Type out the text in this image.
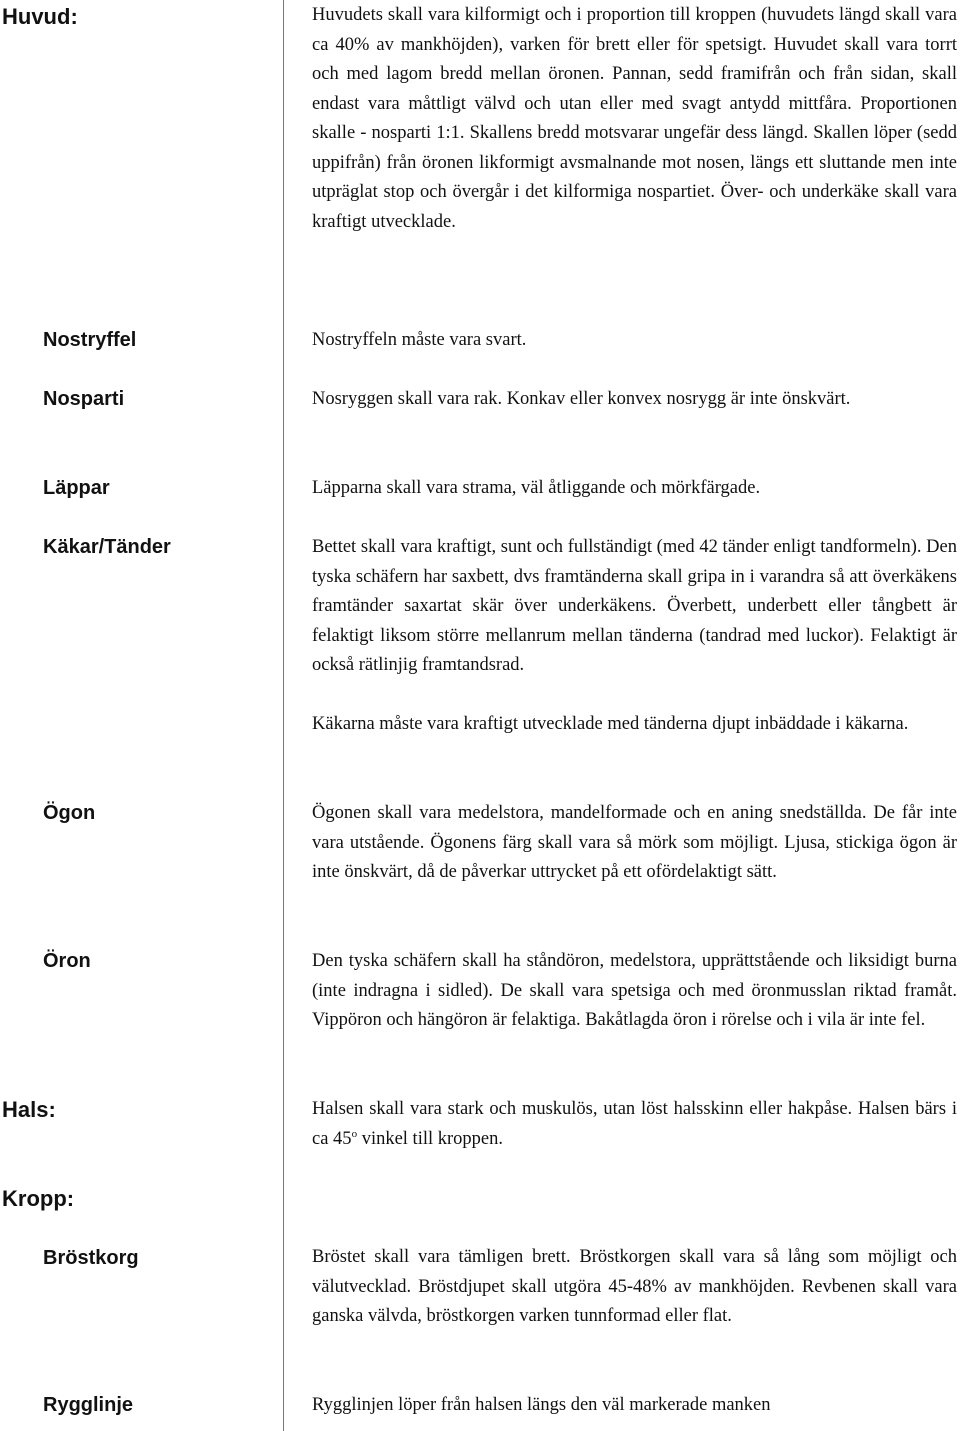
Huvud:
Nostryffel
Nosparti
Läppar
Käkar/Tänder
Ögon
Öron
Hals:
Kropp:
Bröstkorg
Rygglinje

Huvudets skall vara kilformigt och i proportion till kroppen (huvudets längd skall vara ca 40% av mankhöjden), varken för brett eller för spetsigt. Huvudet skall vara torrt och med lagom bredd mellan öronen. Pannan, sedd framifrån och från sidan, skall endast vara måttligt välvd och utan eller med svagt antydd mittfåra. Proportionen skalle - nosparti 1:1. Skallens bredd motsvarar ungefär dess längd. Skallen löper (sedd uppifrån) från öronen likformigt avsmalnande mot nosen, längs ett sluttande men inte utpräglat stop och övergår i det kilformiga nospartiet. Över- och underkäke skall vara kraftigt utvecklade.

Nostryffeln måste vara svart.

Nosryggen skall vara rak. Konkav eller konvex nosrygg är inte önskvärt.

Läpparna skall vara strama, väl åtliggande och mörkfärgade.

Bettet skall vara kraftigt, sunt och fullständigt (med 42 tänder enligt tandformeln). Den tyska schäfern har saxbett, dvs framtänderna skall gripa in i varandra så att överkäkens framtänder saxartat skär över underkäkens. Överbett, underbett eller tångbett är felaktigt liksom större mellanrum mellan tänderna (tandrad med luckor). Felaktigt är också rätlinjig framtandsrad.

Käkarna måste vara kraftigt utvecklade med tänderna djupt inbäddade i käkarna.

Ögonen skall vara medelstora, mandelformade och en aning snedställda. De får inte vara utstående. Ögonens färg skall vara så mörk som möjligt. Ljusa, stickiga ögon är inte önskvärt, då de påverkar uttrycket på ett ofördelaktigt sätt.

Den tyska schäfern skall ha ståndöron, medelstora, upprättstående och liksidigt burna (inte indragna i sidled). De skall vara spetsiga och med öronmusslan riktad framåt. Vippöron och hängöron är felaktiga. Bakåtlagda öron i rörelse och i vila är inte fel.

Halsen skall vara stark och muskulös, utan löst halsskinn eller hakpåse. Halsen bärs i ca 45$^o$ vinkel till kroppen.

Bröstet skall vara tämligen brett. Bröstkorgen skall vara så lång som möjligt och välutvecklad. Bröstdjupet skall utgöra 45-48% av mankhöjden. Revbenen skall vara ganska välvda, bröstkorgen varken tunnformad eller flat.

Rygglinjen löper från halsen längs den väl markerade manken
